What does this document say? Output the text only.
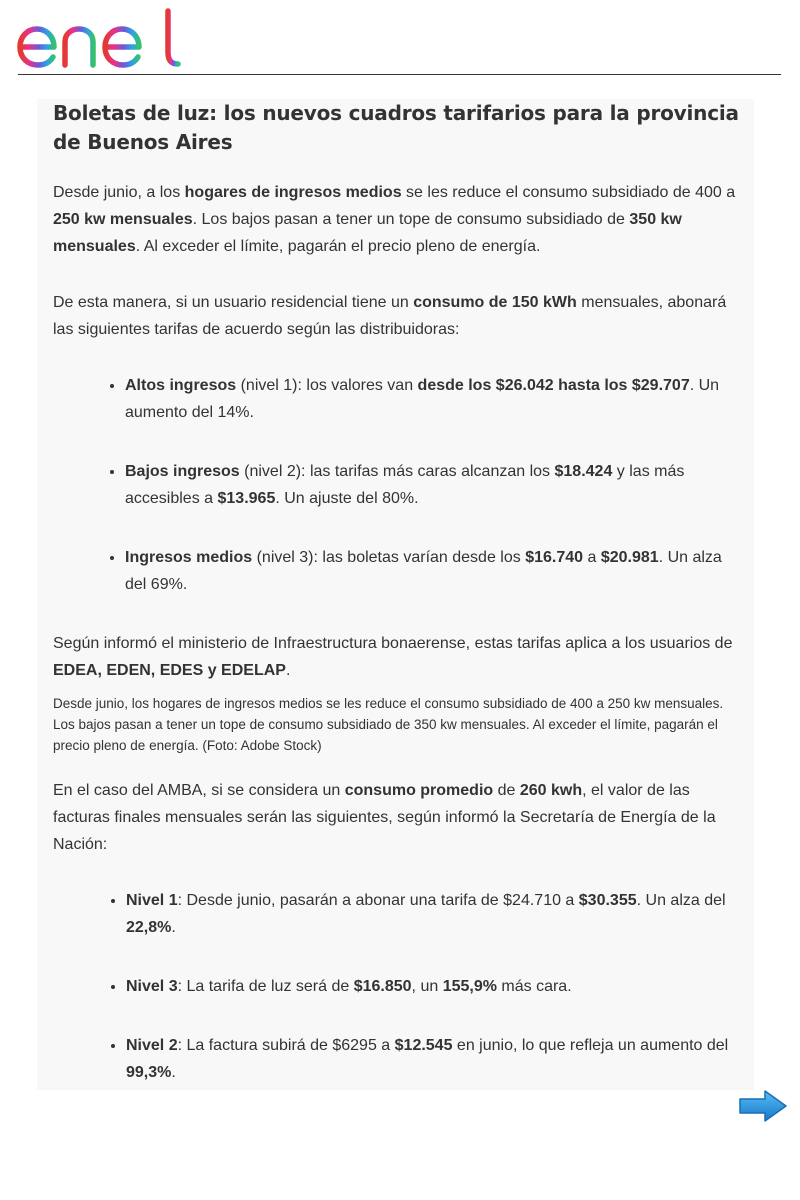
Boletas de luz: los nuevos cuadros tarifarios para la provincia de Buenos Aires

Desde junio, a los hogares de ingresos medios se les reduce el consumo subsidiado de 400 a 250 kw mensuales. Los bajos pasan a tener un tope de consumo subsidiado de 350 kw mensuales. Al exceder el límite, pagarán el precio pleno de energía.

De esta manera, si un usuario residencial tiene un consumo de 150 kWh mensuales, abonará las siguientes tarifas de acuerdo según las distribuidoras:

• Altos ingresos (nivel 1): los valores van desde los $26.042 hasta los $29.707. Un aumento del 14%.
• Bajos ingresos (nivel 2): las tarifas más caras alcanzan los $18.424 y las más accesibles a $13.965. Un ajuste del 80%.
• Ingresos medios (nivel 3): las boletas varían desde los $16.740 a $20.981. Un alza del 69%.

Según informó el ministerio de Infraestructura bonaerense, estas tarifas aplica a los usuarios de EDEA, EDEN, EDES y EDELAP.

Desde junio, los hogares de ingresos medios se les reduce el consumo subsidiado de 400 a 250 kw mensuales. Los bajos pasan a tener un tope de consumo subsidiado de 350 kw mensuales. Al exceder el límite, pagarán el precio pleno de energía. (Foto: Adobe Stock)

En el caso del AMBA, si se considera un consumo promedio de 260 kwh, el valor de las facturas finales mensuales serán las siguientes, según informó la Secretaría de Energía de la Nación:

• Nivel 1: Desde junio, pasarán a abonar una tarifa de $24.710 a $30.355. Un alza del 22,8%.
• Nivel 3: La tarifa de luz será de $16.850, un 155,9% más cara.
• Nivel 2: La factura subirá de $6295 a $12.545 en junio, lo que refleja un aumento del 99,3%.
